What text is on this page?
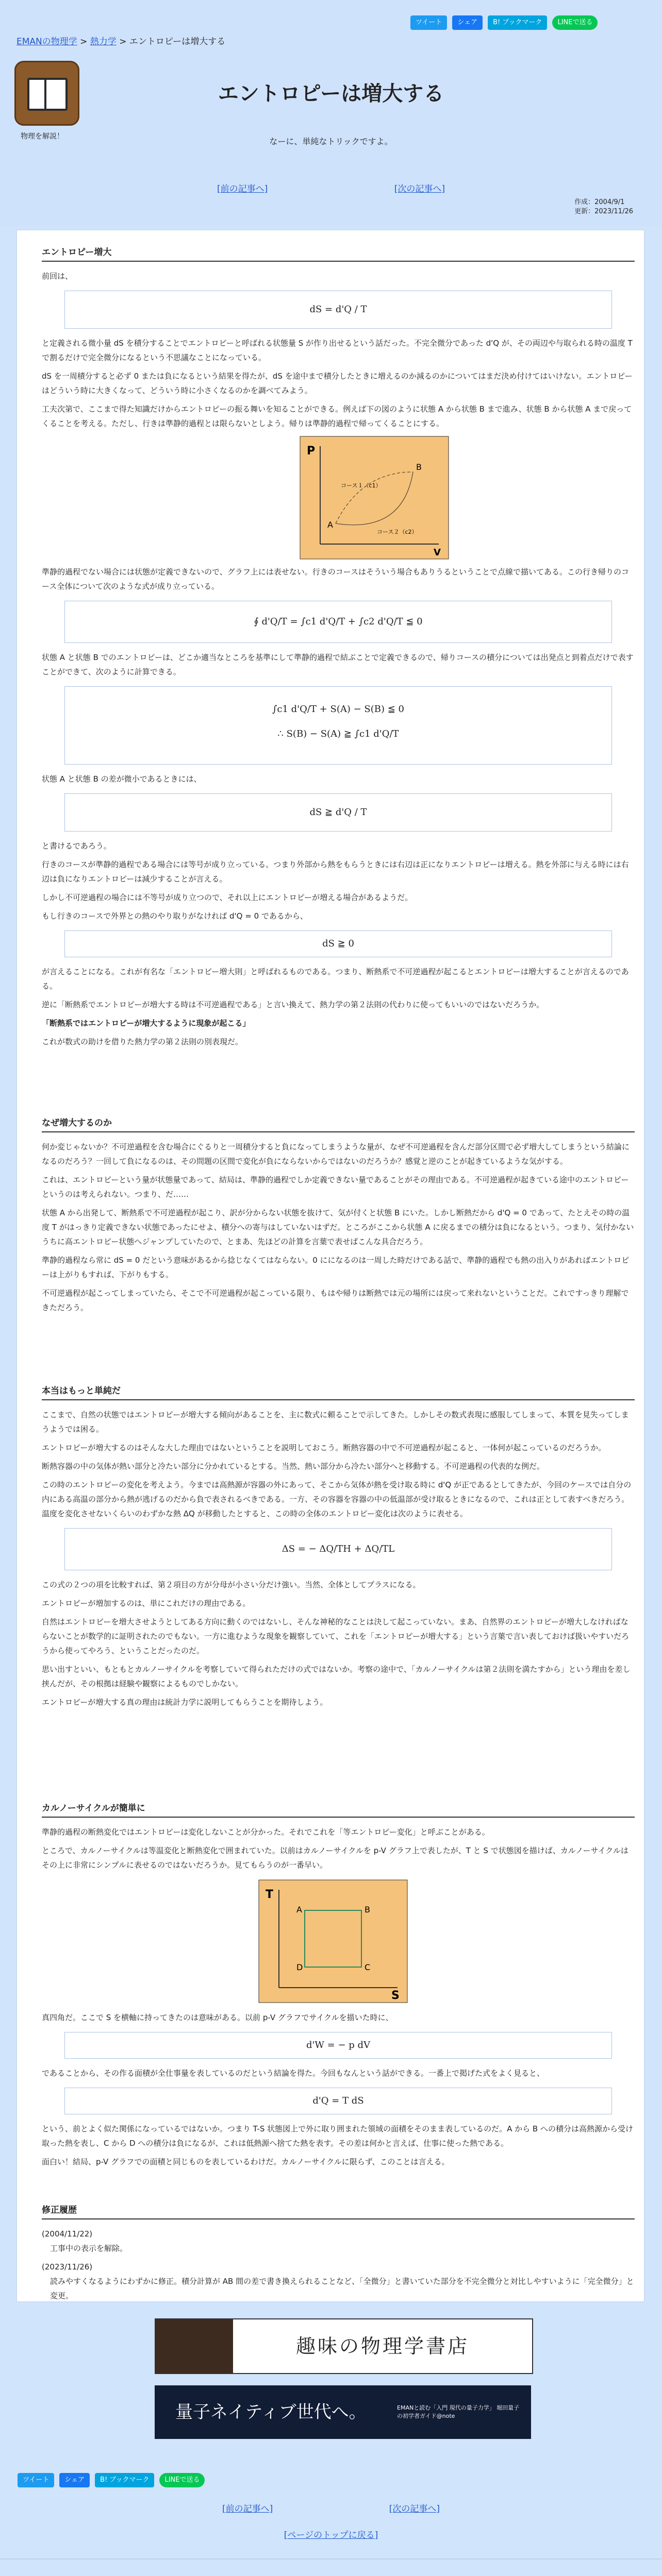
EMANの物理学 > 熱力学 > エントロピーは増大する
ツイート	シェア	B! ブックマーク	LINEで送る
物理を解説！
エントロピーは増大する
なーに、単純なトリックですよ。
[前の記事へ]	[次の記事へ]
作成：2004/9/1
更新：2023/11/26
エントロピー増大

前回は、

dS = d'Q / T

と定義される微小量 dS を積分することでエントロピーと呼ばれる状態量 S が作り出せるという話だった。不完全微分であった d'Q が、その両辺や与取られる時の温度 T で割るだけで完全微分になるという不思議なことになっている。

dS を一周積分すると必ず 0 または負になるという結果を得たが、dS を途中まで積分したときに増えるのか減るのかについてはまだ決め付けてはいけない。エントロピーはどういう時に大きくなって、どういう時に小さくなるのかを調べてみよう。

工夫次第で、ここまで得た知識だけからエントロピーの振る舞いを知ることができる。例えば下の図のように状態 A から状態 B まで進み、状態 B から状態 A まで戻ってくることを考える。ただし、行きは準静的過程とは限らないとしよう。帰りは準静的過程で帰ってくることにする。

P
V
A
B
コース１（c1）
コース２（c2）

準静的過程でない場合には状態が定義できないので、グラフ上には表せない。行きのコースはそういう場合もありうるということで点線で描いてある。この行き帰りのコース全体について次のような式が成り立っている。

∮ d'Q/T = ∫c1 d'Q/T + ∫c2 d'Q/T ≦ 0

状態 A と状態 B でのエントロピーは、どこか適当なところを基準にして準静的過程で結ぶことで定義できるので、帰りコースの積分については出発点と到着点だけで表すことができて、次のように計算できる。

∫c1 d'Q/T + S(A) − S(B) ≦ 0
∴ S(B) − S(A) ≧ ∫c1 d'Q/T

状態 A と状態 B の差が微小であるときには、

dS ≧ d'Q / T

と書けるであろう。

行きのコースが準静的過程である場合には等号が成り立っている。つまり外部から熱をもらうときには右辺は正になりエントロピーは増える。熱を外部に与える時には右辺は負になりエントロピーは減少することが言える。

しかし不可逆過程の場合には不等号が成り立つので、それ以上にエントロピーが増える場合があるようだ。

もし行きのコースで外界との熱のやり取りがなければ d'Q = 0 であるから、

dS ≧ 0

が言えることになる。これが有名な「エントロピー増大則」と呼ばれるものである。つまり、断熱系で不可逆過程が起こるとエントロピーは増大することが言えるのである。

逆に「断熱系でエントロピーが増大する時は不可逆過程である」と言い換えて、熱力学の第２法則の代わりに使ってもいいのではないだろうか。

「断熱系ではエントロピーが増大するように現象が起こる」

これが数式の助けを借りた熱力学の第２法則の別表現だ。

なぜ増大するのか

何か変じゃないか？不可逆過程を含む場合にぐるりと一周積分すると負になってしまうような量が、なぜ不可逆過程を含んだ部分区間で必ず増大してしまうという結論になるのだろう？一回して負になるのは、その問題の区間で変化が負にならないからではないのだろうか？感覚と逆のことが起きているような気がする。

これは、エントロピーという量が状態量であって、結局は、準静的過程でしか定義できない量であることがその理由である。不可逆過程が起きている途中のエントロピーというのは考えられない。つまり、だ……

状態 A から出発して、断熱系で不可逆過程が起こり、訳が分からない状態を抜けて、気が付くと状態 B にいた。しかし断熱だから d'Q = 0 であって、たとえその時の温度 T がはっきり定義できない状態であったにせよ、積分への寄与はしていないはずだ。ところがここから状態 A に戻るまでの積分は負になるという。つまり、気付かないうちに高エントロピー状態へジャンプしていたので、とまあ、先ほどの計算を言葉で表せばこんな具合だろう。

準静的過程なら常に dS = 0 だという意味があるから捻じなくてはならない。0 にになるのは一周した時だけである話で、準静的過程でも熱の出入りがあればエントロピーは上がりもすれば、下がりもする。

不可逆過程が起こってしまっていたら、そこで不可逆過程が起こっている限り、もはや帰りは断熱では元の場所には戻って来れないということだ。これですっきり理解できただろう。

本当はもっと単純だ

ここまで、自然の状態ではエントロピーが増大する傾向があることを、主に数式に頼ることで示してきた。しかしその数式表現に感服してしまって、本質を見失ってしまうようでは困る。

エントロピーが増大するのはそんな大した理由ではないということを説明しておこう。断熱容器の中で不可逆過程が起こると、一体何が起こっているのだろうか。

断熱容器の中の気体が熱い部分と冷たい部分に分かれているとする。当然、熱い部分から冷たい部分へと移動する。不可逆過程の代表的な例だ。

この時のエントロピーの変化を考えよう。今までは高熱源が容器の外にあって、そこから気体が熱を受け取る時に d'Q が正であるとしてきたが、今回のケースでは自分の内にある高温の部分から熱が逃げるのだから負で表されるべきである。一方、その容器を容器の中の低温部が受け取るときになるので、これは正として表すべきだろう。温度を変化させないくらいのわずかな熱 ΔQ が移動したとすると、この時の全体のエントロピー変化は次のように表せる。

ΔS = − ΔQ/TH + ΔQ/TL

この式の２つの項を比較すれば、第２項目の方が分母が小さい分だけ強い。当然、全体としてプラスになる。

エントロピーが増加するのは、単にこれだけの理由である。

自然はエントロピーを増大させようとしてある方向に動くのではないし、そんな神秘的なことは決して起こっていない。まあ、自然界のエントロピーが増大しなければならないことが数学的に証明されたのでもない。一方に進むような現象を観察していて、これを「エントロピーが増大する」という言葉で言い表しておけば扱いやすいだろうから使ってやろう、ということだったのだ。

思い出すといい、もともとカルノーサイクルを考察していて得られただけの式ではないか。考察の途中で、「カルノーサイクルは第２法則を満たすから」という理由を差し挟んだが、その根拠は経験や観察によるものでしかない。

エントロピーが増大する真の理由は統計力学に説明してもらうことを期待しよう。

カルノーサイクルが簡単に

準静的過程の断熱変化ではエントロピーは変化しないことが分かった。それでこれを「等エントロピー変化」と呼ぶことがある。

ところで、カルノーサイクルは等温変化と断熱変化で囲まれていた。以前はカルノーサイクルを p-V グラフ上で表したが、T と S で状態図を描けば、カルノーサイクルはその上に非常にシンプルに表せるのではないだろうか。見てもらうのが一番早い。

T
S
A	B
C
D

真四角だ。ここで S を横軸に持ってきたのは意味がある。以前 p-V グラフでサイクルを描いた時に、

d'W = − p dV

であることから、その作る面積が全仕事量を表しているのだという結論を得た。今回もなんという話ができる。一番上で掲げた式をよく見ると、

d'Q = T dS

という、前とよく似た関係になっているではないか。つまり T-S 状態図上で外に取り囲まれた領域の面積をそのまま表しているのだ。A から B への積分は高熱源から受け取った熱を表し、C から D への積分は負になるが、これは低熱源へ捨てた熱を表す。その差は何かと言えば、仕事に使った熱である。

面白い！結局、p-V グラフでの面積と同じものを表しているわけだ。カルノーサイクルに限らず、このことは言える。

修正履歴

(2004/11/22)

工事中の表示を解除。

(2023/11/26)

読みやすくなるようにわずかに修正。積分計算が AB 間の差で書き換えられることなど、「全微分」と書いていた部分を不完全微分と対比しやすいように「完全微分」と変更。

趣味の物理学書店
量子ネイティブ世代へ。	EMANと読む「入門 現代の量子力学」 堀田量子の初学者ガイド@note
ツイート	シェア	B! ブックマーク	LINEで送る
[前の記事へ]	[次の記事へ]
[ページのトップに戻る]
